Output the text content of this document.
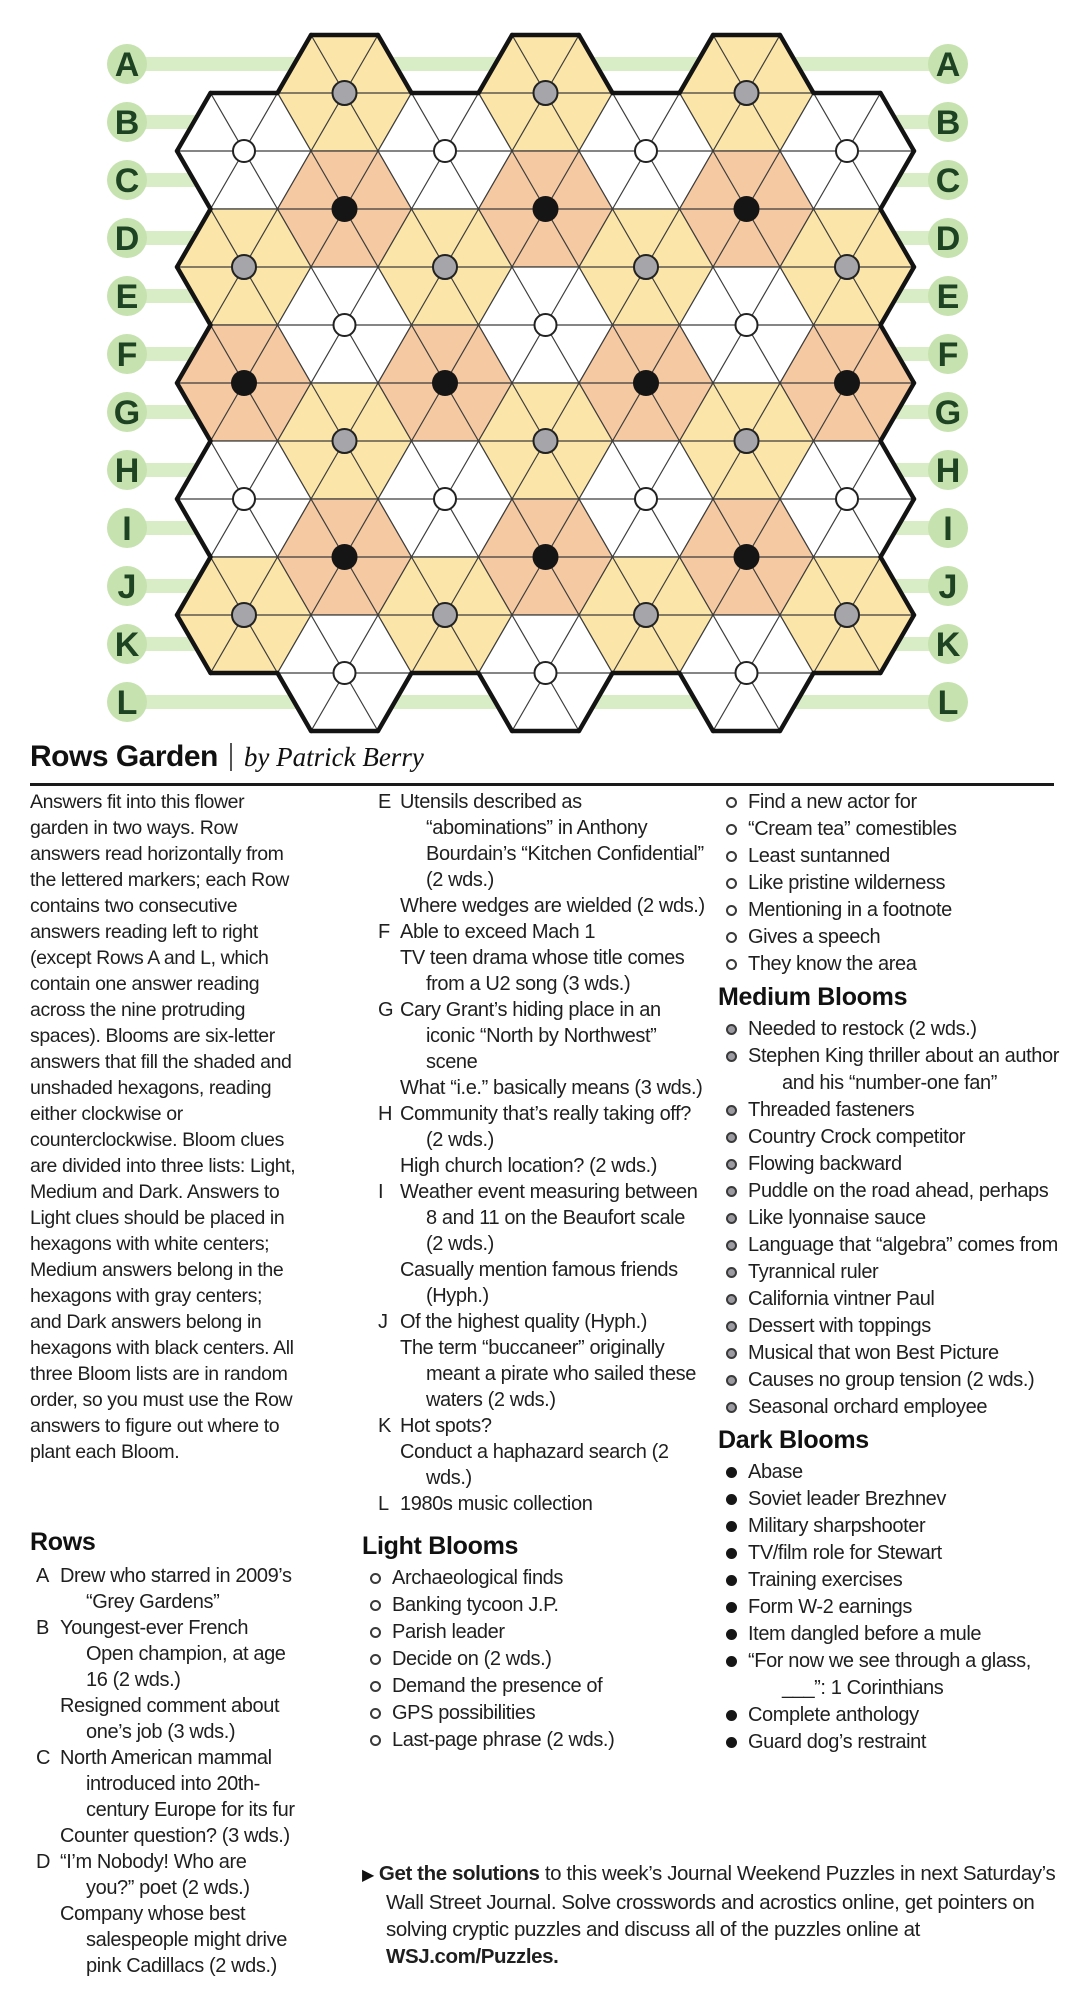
A	A
B	B
C	C
D	D
E	E
F	F
G	G
H	H
I	I
J	J
K	K
L	L
Rows Garden by Patrick Berry

Answers fit into this flower garden in two ways. Row answers read horizontally from the lettered markers; each Row contains two consecutive answers reading left to right (except Rows A and L, which contain one answer reading across the nine protruding spaces). Blooms are six-letter answers that fill the shaded and unshaded hexagons, reading either clockwise or counterclockwise. Bloom clues are divided into three lists: Light, Medium and Dark. Answers to Light clues should be placed in hexagons with white centers; Medium answers belong in the hexagons with gray centers; and Dark answers belong in hexagons with black centers. All three Bloom lists are in random order, so you must use the Row answers to figure out where to plant each Bloom.

Rows
A Drew who starred in 2009’s “Grey Gardens”
B Youngest-ever French Open champion, at age 16 (2 wds.)
Resigned comment about one’s job (3 wds.)
C North American mammal introduced into 20th-century Europe for its fur
Counter question? (3 wds.)
D “I’m Nobody! Who are you?” poet (2 wds.)
Company whose best salespeople might drive pink Cadillacs (2 wds.)
E Utensils described as “abominations” in Anthony Bourdain’s “Kitchen Confidential” (2 wds.)
Where wedges are wielded (2 wds.)
F Able to exceed Mach 1
TV teen drama whose title comes from a U2 song (3 wds.)
G Cary Grant’s hiding place in an iconic “North by Northwest” scene
What “i.e.” basically means (3 wds.)
H Community that’s really taking off? (2 wds.)
High church location? (2 wds.)
I Weather event measuring between 8 and 11 on the Beaufort scale (2 wds.)
Casually mention famous friends (Hyph.)
J Of the highest quality (Hyph.)
The term “buccaneer” originally meant a pirate who sailed these waters (2 wds.)
K Hot spots?
Conduct a haphazard search (2 wds.)
L 1980s music collection
Light Blooms
Archaeological finds
Banking tycoon J.P.
Parish leader
Decide on (2 wds.)
Demand the presence of
GPS possibilities
Last-page phrase (2 wds.)
Find a new actor for
“Cream tea” comestibles
Least suntanned
Like pristine wilderness
Mentioning in a footnote
Gives a speech
They know the area
Medium Blooms
Needed to restock (2 wds.)
Stephen King thriller about an author and his “number-one fan”
Threaded fasteners
Country Crock competitor
Flowing backward
Puddle on the road ahead, perhaps
Like lyonnaise sauce
Language that “algebra” comes from
Tyrannical ruler
California vintner Paul
Dessert with toppings
Musical that won Best Picture
Causes no group tension (2 wds.)
Seasonal orchard employee
Dark Blooms
Abase
Soviet leader Brezhnev
Military sharpshooter
TV/film role for Stewart
Training exercises
Form W-2 earnings
Item dangled before a mule
“For now we see through a glass, ___”: 1 Corinthians
Complete anthology
Guard dog’s restraint
▶ Get the solutions to this week’s Journal Weekend Puzzles in next Saturday’s Wall Street Journal. Solve crosswords and acrostics online, get pointers on solving cryptic puzzles and discuss all of the puzzles online at WSJ.com/Puzzles.
